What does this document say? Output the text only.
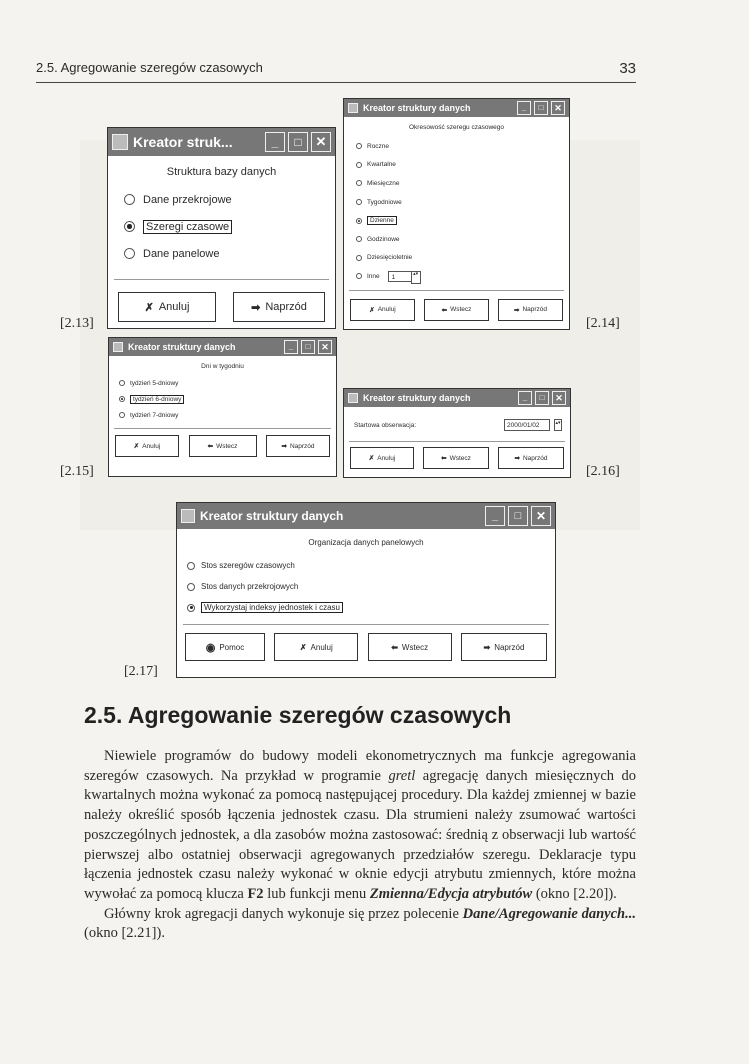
2.5. Agregowanie szeregów czasowych	33
[2.13]	[2.14]
[2.15]	[2.16]
[2.17]
Kreator struk...	_	□	✕
Struktura bazy danych
Dane przekrojowe
Szeregi czasowe
Dane panelowe
✗ Anuluj	➡ Naprzód
Kreator struktury danych	_	□	✕
Okresowość szeregu czasowego
Roczne
Kwartalne
Miesięczne
Tygodniowe
Dzienne
Godzinowe
Dziesięcioletnie
Inne	1	▴▾
✗ Anuluj	⬅ Wstecz	➡ Naprzód
Kreator struktury danych	_	□	✕
Dni w tygodniu
tydzień 5-dniowy
tydzień 6-dniowy
tydzień 7-dniowy
✗ Anuluj	⬅ Wstecz	➡ Naprzód
Kreator struktury danych	_	□	✕
Startowa obserwacja:	2000/01/02	▴▾
✗ Anuluj	⬅ Wstecz	➡ Naprzód
Kreator struktury danych	_	□	✕
Organizacja danych panelowych
Stos szeregów czasowych
Stos danych przekrojowych
Wykorzystaj indeksy jednostek i czasu
◉ Pomoc	✗ Anuluj	⬅ Wstecz	➡ Naprzód
2.5. Agregowanie szeregów czasowych

Niewiele programów do budowy modeli ekonometrycznych ma funkcje agregowania szeregów czasowych. Na przykład w programie gretl agregację danych miesięcznych do kwartalnych można wykonać za pomocą następującej procedury. Dla każdej zmiennej w bazie należy określić sposób łączenia jednostek czasu. Dla strumieni należy zsumować wartości poszczególnych jednostek, a dla zasobów można zastosować: średnią z obserwacji lub wartość pierwszej albo ostatniej obserwacji agregowanych przedziałów szeregu. Deklaracje typu łączenia jednostek czasu należy wykonać w oknie edycji atrybutu zmiennych, które można wywołać za pomocą klucza F2 lub funkcji menu Zmienna/Edycja atrybutów (okno [2.20]).

Główny krok agregacji danych wykonuje się przez polecenie Dane/Agregowanie danych... (okno [2.21]).
